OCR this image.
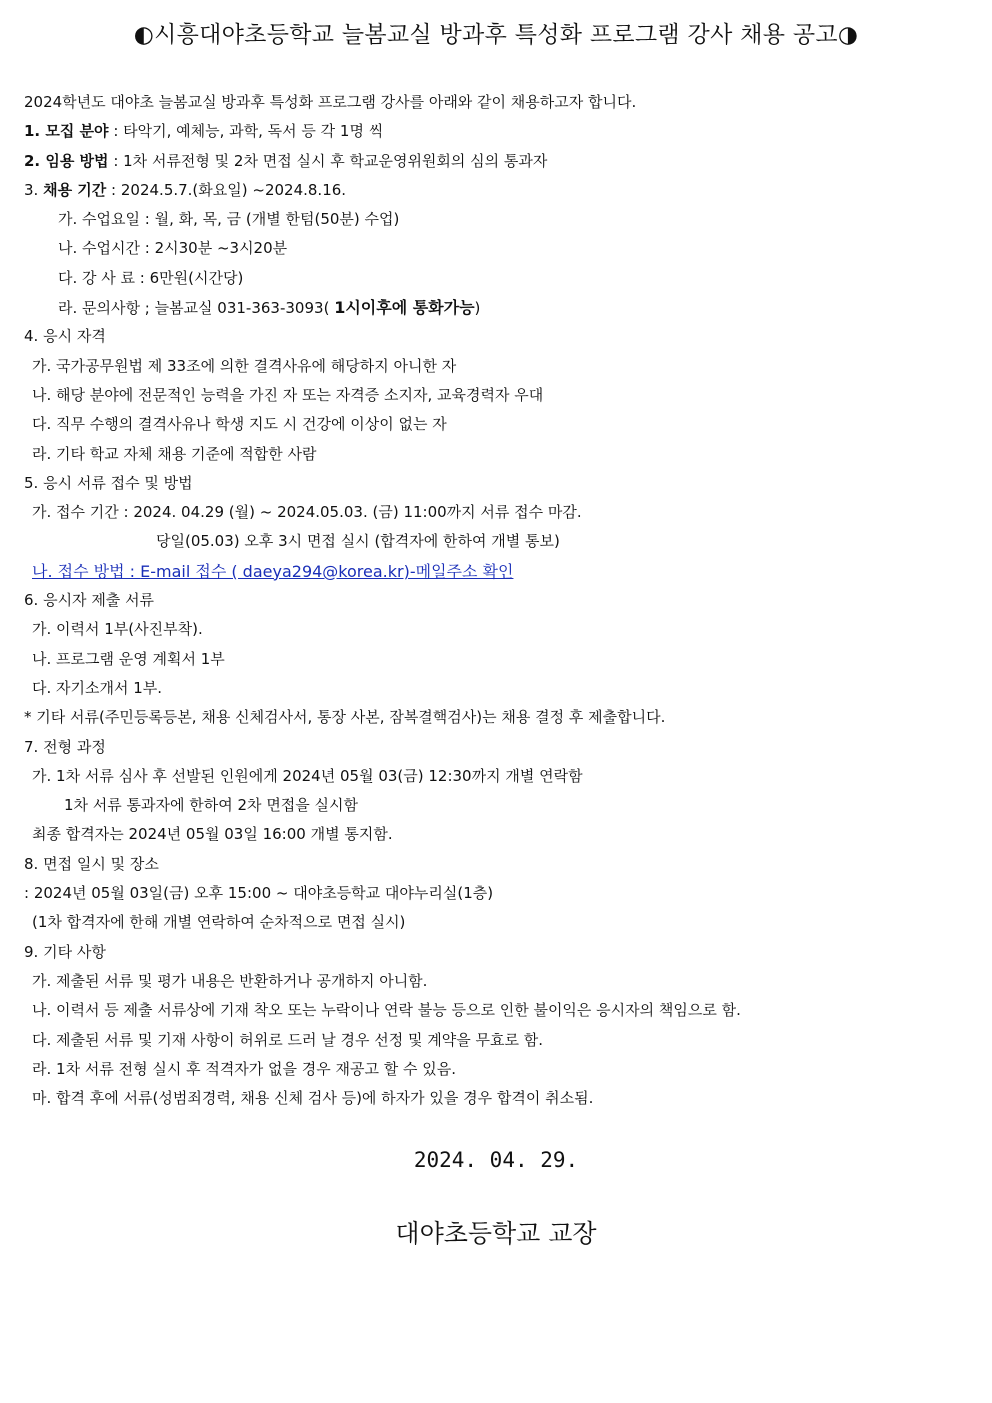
◐시흥대야초등학교 늘봄교실 방과후 특성화 프로그램 강사 채용 공고◑
2024학년도 대야초 늘봄교실 방과후 특성화 프로그램 강사를 아래와 같이 채용하고자 합니다.
1. 모집 분야 : 타악기, 예체능, 과학, 독서 등 각 1명 씩
2. 임용 방법 : 1차 서류전형 및 2차 면접 실시 후 학교운영위원회의 심의 통과자
3. 채용 기간 : 2024.5.7.(화요일) ~2024.8.16.
가. 수업요일 : 월, 화, 목, 금 (개별 한텀(50분) 수업)
나. 수업시간 : 2시30분 ~3시20분
다. 강 사 료 : 6만원(시간당)
라. 문의사항 ; 늘봄교실 031-363-3093( 1시이후에 통화가능)
4. 응시 자격
가. 국가공무원법 제 33조에 의한 결격사유에 해당하지 아니한 자
나. 해당 분야에 전문적인 능력을 가진 자 또는 자격증 소지자, 교육경력자 우대
다. 직무 수행의 결격사유나 학생 지도 시 건강에 이상이 없는 자
라. 기타 학교 자체 채용 기준에 적합한 사람
5. 응시 서류 접수 및 방법
가. 접수 기간 : 2024. 04.29 (월) ~ 2024.05.03. (금) 11:00까지 서류 접수 마감.
당일(05.03) 오후 3시 면접 실시 (합격자에 한하여 개별 통보)
나. 접수 방법 : E-mail 접수 ( daeya294@korea.kr)-메일주소 확인
6. 응시자 제출 서류
가. 이력서 1부(사진부착).
나. 프로그램 운영 계획서 1부
다. 자기소개서 1부.
* 기타 서류(주민등록등본, 채용 신체검사서, 통장 사본, 잠복결핵검사)는 채용 결정 후 제출합니다.
7. 전형 과정
가. 1차 서류 심사 후 선발된 인원에게 2024년 05월 03(금) 12:30까지 개별 연락함
1차 서류 통과자에 한하여 2차 면접을 실시함
최종 합격자는 2024년 05월 03일 16:00 개별 통지함.
8. 면접 일시 및 장소
: 2024년 05월 03일(금) 오후 15:00 ~ 대야초등학교 대야누리실(1층)
(1차 합격자에 한해 개별 연락하여 순차적으로 면접 실시)
9. 기타 사항
가. 제출된 서류 및 평가 내용은 반환하거나 공개하지 아니함.
나. 이력서 등 제출 서류상에 기재 착오 또는 누락이나 연락 불능 등으로 인한 불이익은 응시자의 책임으로 함.
다. 제출된 서류 및 기재 사항이 허위로 드러 날 경우 선정 및 계약을 무효로 함.
라. 1차 서류 전형 실시 후 적격자가 없을 경우 재공고 할 수 있음.
마. 합격 후에 서류(성범죄경력, 채용 신체 검사 등)에 하자가 있을 경우 합격이 취소됨.
2024. 04. 29.
대야초등학교 교장
